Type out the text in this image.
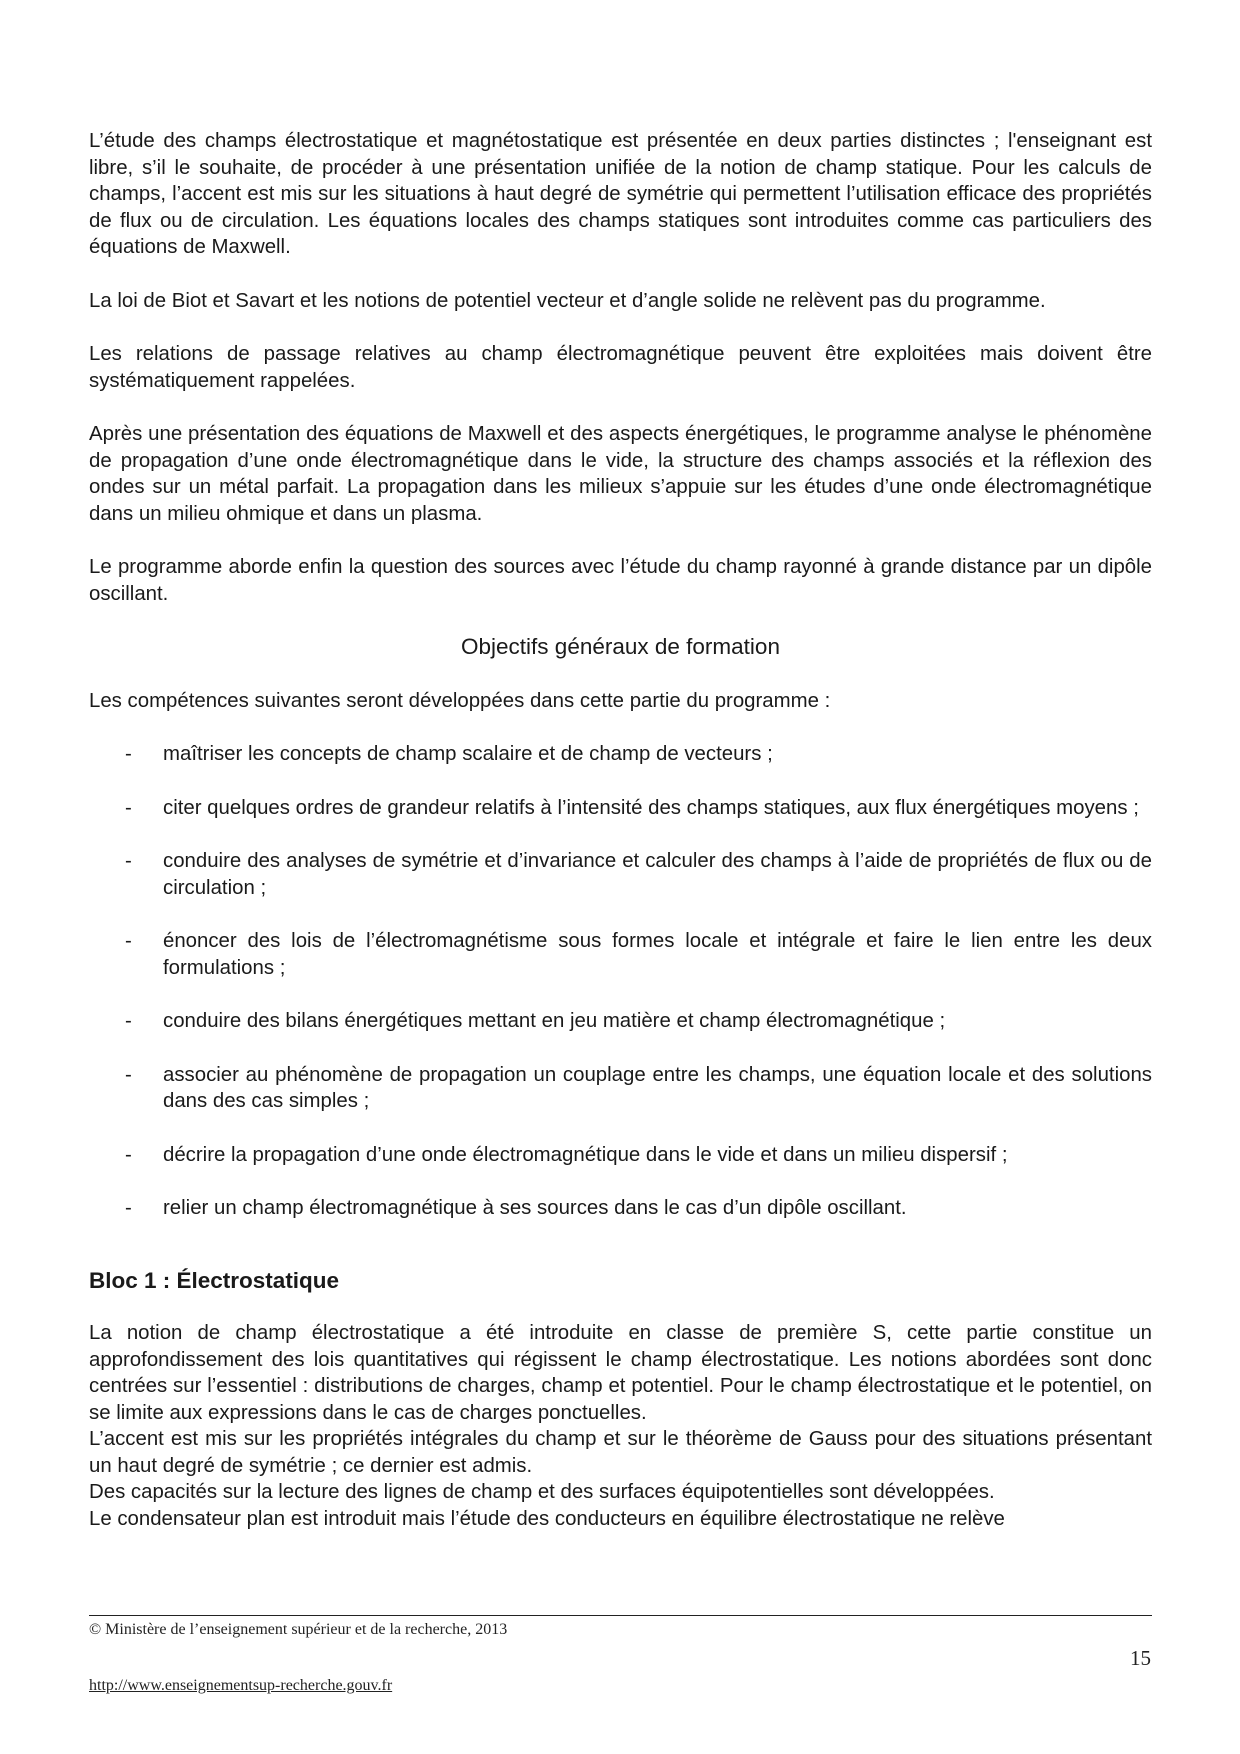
L’étude des champs électrostatique et magnétostatique est présentée en deux parties distinctes ; l'enseignant est libre, s’il le souhaite, de procéder à une présentation unifiée de la notion de champ statique. Pour les calculs de champs, l’accent est mis sur les situations à haut degré de symétrie qui permettent l’utilisation efficace des propriétés de flux ou de circulation. Les équations locales des champs statiques sont introduites comme cas particuliers des équations de Maxwell.

La loi de Biot et Savart et les notions de potentiel vecteur et d’angle solide ne relèvent pas du programme.

Les relations de passage relatives au champ électromagnétique peuvent être exploitées mais doivent être systématiquement rappelées.

Après une présentation des équations de Maxwell et des aspects énergétiques, le programme analyse le phénomène de propagation d’une onde électromagnétique dans le vide, la structure des champs associés et la réflexion des ondes sur un métal parfait. La propagation dans les milieux s’appuie sur les études d’une onde électromagnétique dans un milieu ohmique et dans un plasma.

Le programme aborde enfin la question des sources avec l’étude du champ rayonné à grande distance par un dipôle oscillant.

Objectifs généraux de formation

Les compétences suivantes seront développées dans cette partie du programme :

- maîtriser les concepts de champ scalaire et de champ de vecteurs ;
- citer quelques ordres de grandeur relatifs à l’intensité des champs statiques, aux flux énergétiques moyens ;
- conduire des analyses de symétrie et d’invariance et calculer des champs à l’aide de propriétés de flux ou de circulation ;
- énoncer des lois de l’électromagnétisme sous formes locale et intégrale et faire le lien entre les deux formulations ;
- conduire des bilans énergétiques mettant en jeu matière et champ électromagnétique ;
- associer au phénomène de propagation un couplage entre les champs, une équation locale et des solutions dans des cas simples ;
- décrire la propagation d’une onde électromagnétique dans le vide et dans un milieu dispersif ;
- relier un champ électromagnétique à ses sources dans le cas d’un dipôle oscillant.

Bloc 1 : Électrostatique

La notion de champ électrostatique a été introduite en classe de première S, cette partie constitue un approfondissement des lois quantitatives qui régissent le champ électrostatique. Les notions abordées sont donc centrées sur l’essentiel : distributions de charges, champ et potentiel. Pour le champ électrostatique et le potentiel, on se limite aux expressions dans le cas de charges ponctuelles.

L’accent est mis sur les propriétés intégrales du champ et sur le théorème de Gauss pour des situations présentant un haut degré de symétrie ; ce dernier est admis.

Des capacités sur la lecture des lignes de champ et des surfaces équipotentielles sont développées.

Le condensateur plan est introduit mais l’étude des conducteurs en équilibre électrostatique ne relève

© Ministère de l’enseignement supérieur et de la recherche, 2013
15
http://www.enseignementsup-recherche.gouv.fr
